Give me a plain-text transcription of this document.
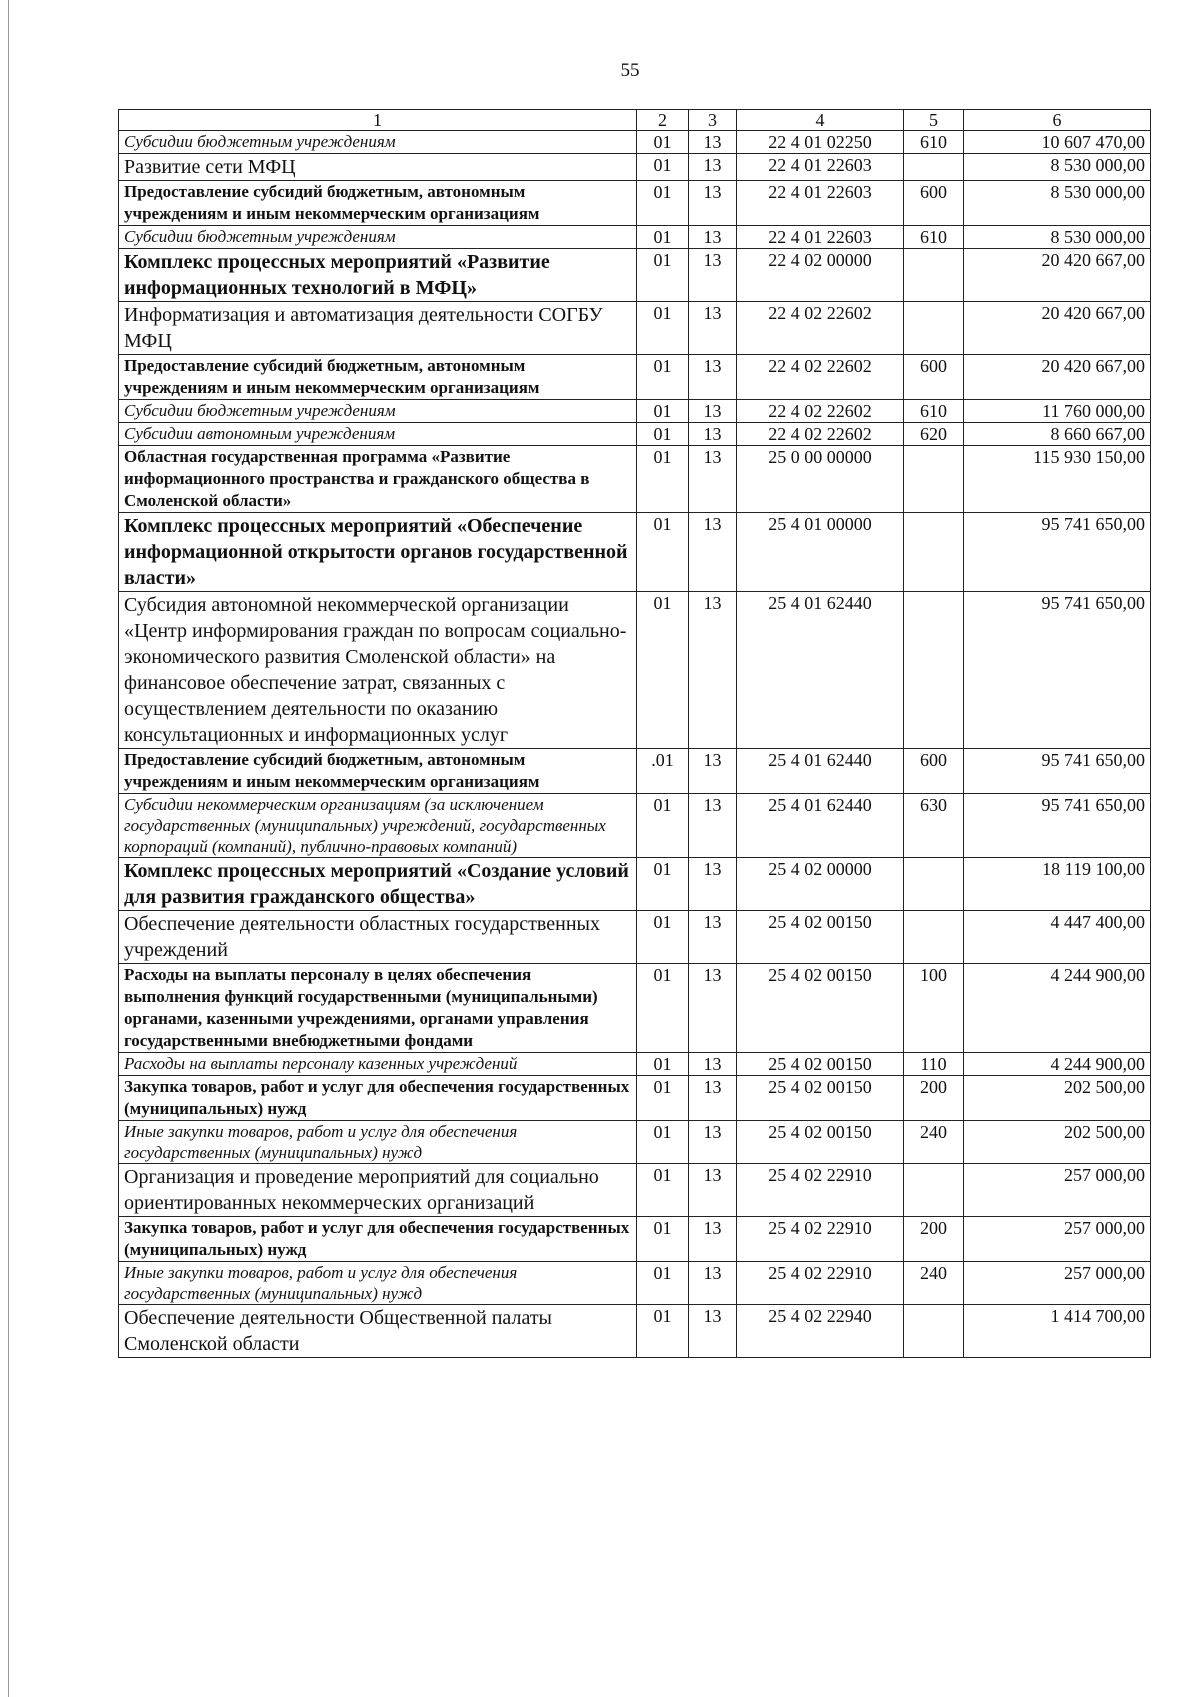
55
1	2	3	4	5	6
Субсидии бюджетным учреждениям	01	13	22 4 01 02250	610	10 607 470,00
Развитие сети МФЦ	01	13	22 4 01 22603		8 530 000,00
Предоставление субсидий бюджетным, автономным учреждениям и иным некоммерческим организациям	01	13	22 4 01 22603	600	8 530 000,00
Субсидии бюджетным учреждениям	01	13	22 4 01 22603	610	8 530 000,00
Комплекс процессных мероприятий «Развитие информационных технологий в МФЦ»	01	13	22 4 02 00000		20 420 667,00
Информатизация и автоматизация деятельности СОГБУ МФЦ	01	13	22 4 02 22602		20 420 667,00
Предоставление субсидий бюджетным, автономным учреждениям и иным некоммерческим организациям	01	13	22 4 02 22602	600	20 420 667,00
Субсидии бюджетным учреждениям	01	13	22 4 02 22602	610	11 760 000,00
Субсидии автономным учреждениям	01	13	22 4 02 22602	620	8 660 667,00
Областная государственная программа «Развитие информационного пространства и гражданского общества в Смоленской области»	01	13	25 0 00 00000		115 930 150,00
Комплекс процессных мероприятий «Обеспечение информационной открытости органов государственной власти»	01	13	25 4 01 00000		95 741 650,00
Субсидия автономной некоммерческой организации «Центр информирования граждан по вопросам социально-экономического развития Смоленской области» на финансовое обеспечение затрат, связанных с осуществлением деятельности по оказанию консультационных и информационных услуг	01	13	25 4 01 62440		95 741 650,00
Предоставление субсидий бюджетным, автономным учреждениям и иным некоммерческим организациям	.01	13	25 4 01 62440	600	95 741 650,00
Субсидии некоммерческим организациям (за исключением государственных (муниципальных) учреждений, государственных корпораций (компаний), публично-правовых компаний)	01	13	25 4 01 62440	630	95 741 650,00
Комплекс процессных мероприятий «Создание условий для развития гражданского общества»	01	13	25 4 02 00000		18 119 100,00
Обеспечение деятельности областных государственных учреждений	01	13	25 4 02 00150		4 447 400,00
Расходы на выплаты персоналу в целях обеспечения выполнения функций государственными (муниципальными) органами, казенными учреждениями, органами управления государственными внебюджетными фондами	01	13	25 4 02 00150	100	4 244 900,00
Расходы на выплаты персоналу казенных учреждений	01	13	25 4 02 00150	110	4 244 900,00
Закупка товаров, работ и услуг для обеспечения государственных (муниципальных) нужд	01	13	25 4 02 00150	200	202 500,00
Иные закупки товаров, работ и услуг для обеспечения государственных (муниципальных) нужд	01	13	25 4 02 00150	240	202 500,00
Организация и проведение мероприятий для социально ориентированных некоммерческих организаций	01	13	25 4 02 22910		257 000,00
Закупка товаров, работ и услуг для обеспечения государственных (муниципальных) нужд	01	13	25 4 02 22910	200	257 000,00
Иные закупки товаров, работ и услуг для обеспечения государственных (муниципальных) нужд	01	13	25 4 02 22910	240	257 000,00
Обеспечение деятельности Общественной палаты Смоленской области	01	13	25 4 02 22940		1 414 700,00
